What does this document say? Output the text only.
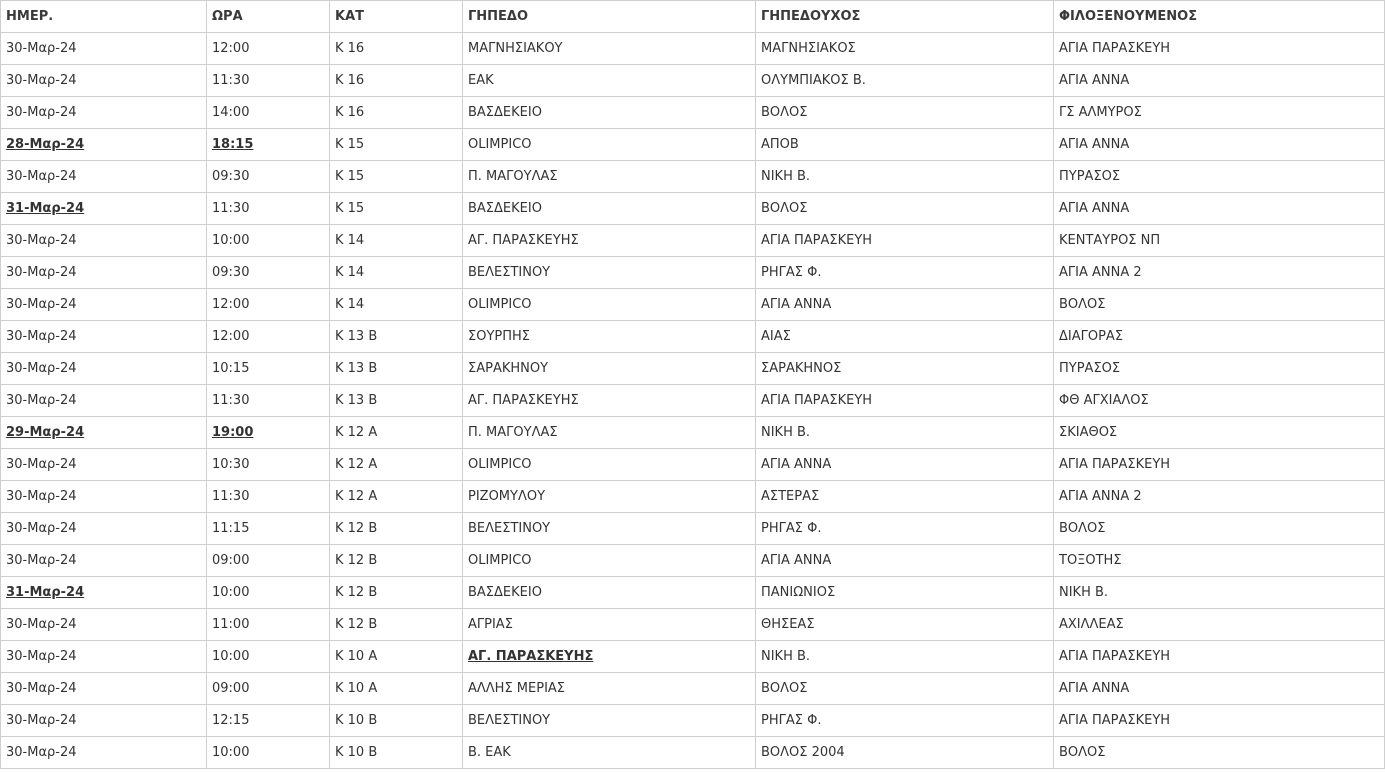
ΗΜΕΡ.	ΩΡΑ	ΚΑΤ	ΓΗΠΕΔΟ	ΓΗΠΕΔΟΥΧΟΣ	ΦΙΛΟΞΕΝΟΥΜΕΝΟΣ
30-Μαρ-24	12:00	K 16	ΜΑΓΝΗΣΙΑΚΟΥ	ΜΑΓΝΗΣΙΑΚΟΣ	ΑΓΙΑ ΠΑΡΑΣΚΕΥΗ
30-Μαρ-24	11:30	K 16	ΕΑΚ	ΟΛΥΜΠΙΑΚΟΣ Β.	ΑΓΙΑ ΑΝΝΑ
30-Μαρ-24	14:00	K 16	ΒΑΣΔΕΚΕΙΟ	ΒΟΛΟΣ	ΓΣ ΑΛΜΥΡΟΣ
28-Μαρ-24	18:15	K 15	OLIMPICO	ΑΠΟΒ	ΑΓΙΑ ΑΝΝΑ
30-Μαρ-24	09:30	K 15	Π. ΜΑΓΟΥΛΑΣ	ΝΙΚΗ Β.	ΠΥΡΑΣΟΣ
31-Μαρ-24	11:30	K 15	ΒΑΣΔΕΚΕΙΟ	ΒΟΛΟΣ	ΑΓΙΑ ΑΝΝΑ
30-Μαρ-24	10:00	K 14	ΑΓ. ΠΑΡΑΣΚΕΥΗΣ	ΑΓΙΑ ΠΑΡΑΣΚΕΥΗ	ΚΕΝΤΑΥΡΟΣ ΝΠ
30-Μαρ-24	09:30	K 14	ΒΕΛΕΣΤΙΝΟΥ	ΡΗΓΑΣ Φ.	ΑΓΙΑ ΑΝΝΑ 2
30-Μαρ-24	12:00	K 14	OLIMPICO	ΑΓΙΑ ΑΝΝΑ	ΒΟΛΟΣ
30-Μαρ-24	12:00	K 13 B	ΣΟΥΡΠΗΣ	ΑΙΑΣ	ΔΙΑΓΟΡΑΣ
30-Μαρ-24	10:15	K 13 B	ΣΑΡΑΚΗΝΟΥ	ΣΑΡΑΚΗΝΟΣ	ΠΥΡΑΣΟΣ
30-Μαρ-24	11:30	K 13 B	ΑΓ. ΠΑΡΑΣΚΕΥΗΣ	ΑΓΙΑ ΠΑΡΑΣΚΕΥΗ	ΦΘ ΑΓΧΙΑΛΟΣ
29-Μαρ-24	19:00	K 12 A	Π. ΜΑΓΟΥΛΑΣ	ΝΙΚΗ Β.	ΣΚΙΑΘΟΣ
30-Μαρ-24	10:30	K 12 A	OLIMPICO	ΑΓΙΑ ΑΝΝΑ	ΑΓΙΑ ΠΑΡΑΣΚΕΥΗ
30-Μαρ-24	11:30	K 12 A	ΡΙΖΟΜΥΛΟΥ	ΑΣΤΕΡΑΣ	ΑΓΙΑ ΑΝΝΑ 2
30-Μαρ-24	11:15	K 12 B	ΒΕΛΕΣΤΙΝΟΥ	ΡΗΓΑΣ Φ.	ΒΟΛΟΣ
30-Μαρ-24	09:00	K 12 B	OLIMPICO	ΑΓΙΑ ΑΝΝΑ	ΤΟΞΟΤΗΣ
31-Μαρ-24	10:00	K 12 B	ΒΑΣΔΕΚΕΙΟ	ΠΑΝΙΩΝΙΟΣ	ΝΙΚΗ Β.
30-Μαρ-24	11:00	K 12 B	ΑΓΡΙΑΣ	ΘΗΣΕΑΣ	ΑΧΙΛΛΕΑΣ
30-Μαρ-24	10:00	K 10 A	ΑΓ. ΠΑΡΑΣΚΕΥΗΣ	ΝΙΚΗ Β.	ΑΓΙΑ ΠΑΡΑΣΚΕΥΗ
30-Μαρ-24	09:00	K 10 A	ΑΛΛΗΣ ΜΕΡΙΑΣ	ΒΟΛΟΣ	ΑΓΙΑ ΑΝΝΑ
30-Μαρ-24	12:15	K 10 B	ΒΕΛΕΣΤΙΝΟΥ	ΡΗΓΑΣ Φ.	ΑΓΙΑ ΠΑΡΑΣΚΕΥΗ
30-Μαρ-24	10:00	K 10 B	Β. ΕΑΚ	ΒΟΛΟΣ 2004	ΒΟΛΟΣ
